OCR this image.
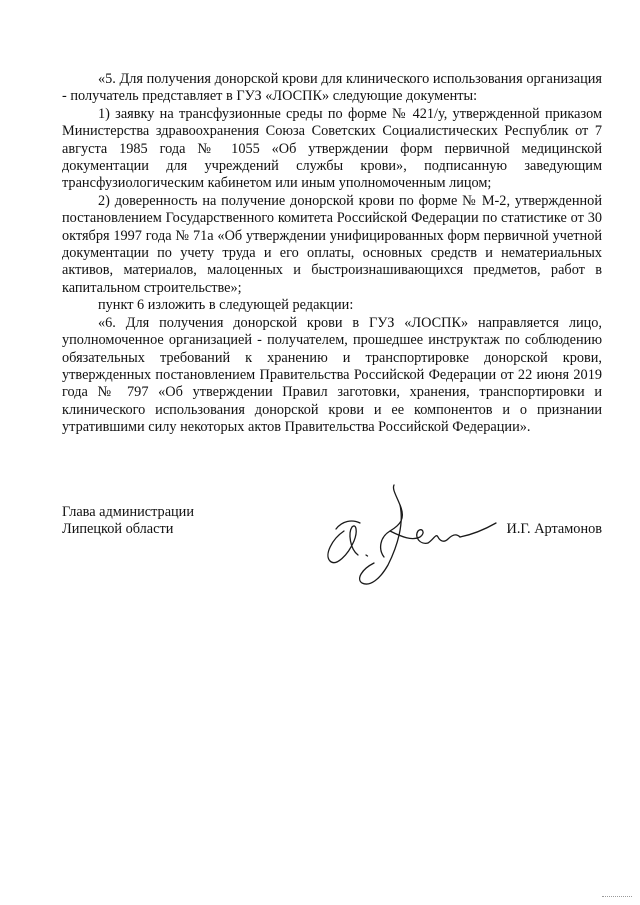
«5. Для получения донорской крови для клинического использования организация - получатель представляет в ГУЗ «ЛОСПК» следующие документы:

1) заявку на трансфузионные среды по форме № 421/у, утвержденной приказом Министерства здравоохранения Союза Советских Социалистических Республик от 7 августа 1985 года № 1055 «Об утверждении форм первичной медицинской документации для учреждений службы крови», подписанную заведующим трансфузиологическим кабинетом или иным уполномоченным лицом;

2) доверенность на получение донорской крови по форме № М-2, утвержденной постановлением Государственного комитета Российской Федерации по статистике от 30 октября 1997 года № 71а «Об утверждении унифицированных форм первичной учетной документации по учету труда и его оплаты, основных средств и нематериальных активов, материалов, малоценных и быстроизнашивающихся предметов, работ в капитальном строительстве»;

пункт 6 изложить в следующей редакции:

«6. Для получения донорской крови в ГУЗ «ЛОСПК» направляется лицо, уполномоченное организацией - получателем, прошедшее инструктаж по соблюдению обязательных требований к хранению и транспортировке донорской крови, утвержденных постановлением Правительства Российской Федерации от 22 июня 2019 года № 797 «Об утверждении Правил заготовки, хранения, транспортировки и клинического использования донорской крови и ее компонентов и о признании утратившими силу некоторых актов Правительства Российской Федерации».

Глава администрации
Липецкой области	И.Г. Артамонов
